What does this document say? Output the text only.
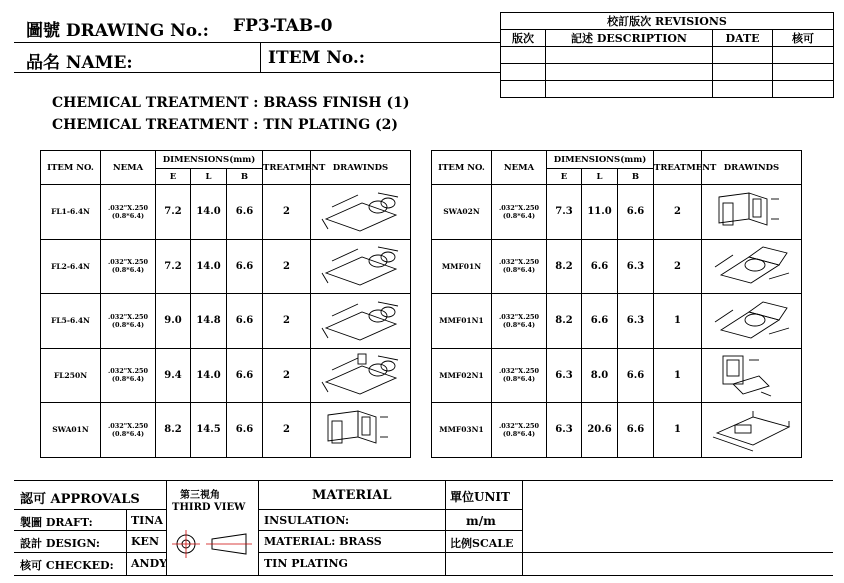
圖號 DRAWING No.: FP3-TAB-0
品名 NAME:	ITEM No.:
校訂版次 REVISIONS			
版次	記述 DESCRIPTION	DATE	核可

CHEMICAL TREATMENT : BRASS FINISH (1)
CHEMICAL TREATMENT : TIN PLATING (2)
ITEM NO.	NEMA	DIMENSIONS(mm)			TREATMENT	DRAWINDS
		E	L	B		
FL1-6.4N	.032"X.250
(0.8*6.4)	7.2	14.0	6.6	2	

FL2-6.4N	.032"X.250
(0.8*6.4)	7.2	14.0	6.6	2	

FL5-6.4N	.032"X.250
(0.8*6.4)	9.0	14.8	6.6	2	

FL250N	.032"X.250
(0.8*6.4)	9.4	14.0	6.6	2	

SWA01N	.032"X.250
(0.8*6.4)	8.2	14.5	6.6	2	
ITEM NO.	NEMA	DIMENSIONS(mm)			TREATMENT	DRAWINDS
		E	L	B		
SWA02N	.032"X.250
(0.8*6.4)	7.3	11.0	6.6	2	

MMF01N	.032"X.250
(0.8*6.4)	8.2	6.6	6.3	2	

MMF01N1	.032"X.250
(0.8*6.4)	8.2	6.6	6.3	1	

MMF02N1	.032"X.250
(0.8*6.4)	6.3	8.0	6.6	1	

MMF03N1	.032"X.250
(0.8*6.4)	6.3	20.6	6.6	1	
認可 APPROVALS
製圖 DRAFT:	TINA
設計 DESIGN:	KEN
核可 CHECKED: ANDY
第三視角
THIRD VIEW
MATERIAL
INSULATION:
MATERIAL: BRASS
TIN PLATING
單位UNIT
m/m
比例SCALE
